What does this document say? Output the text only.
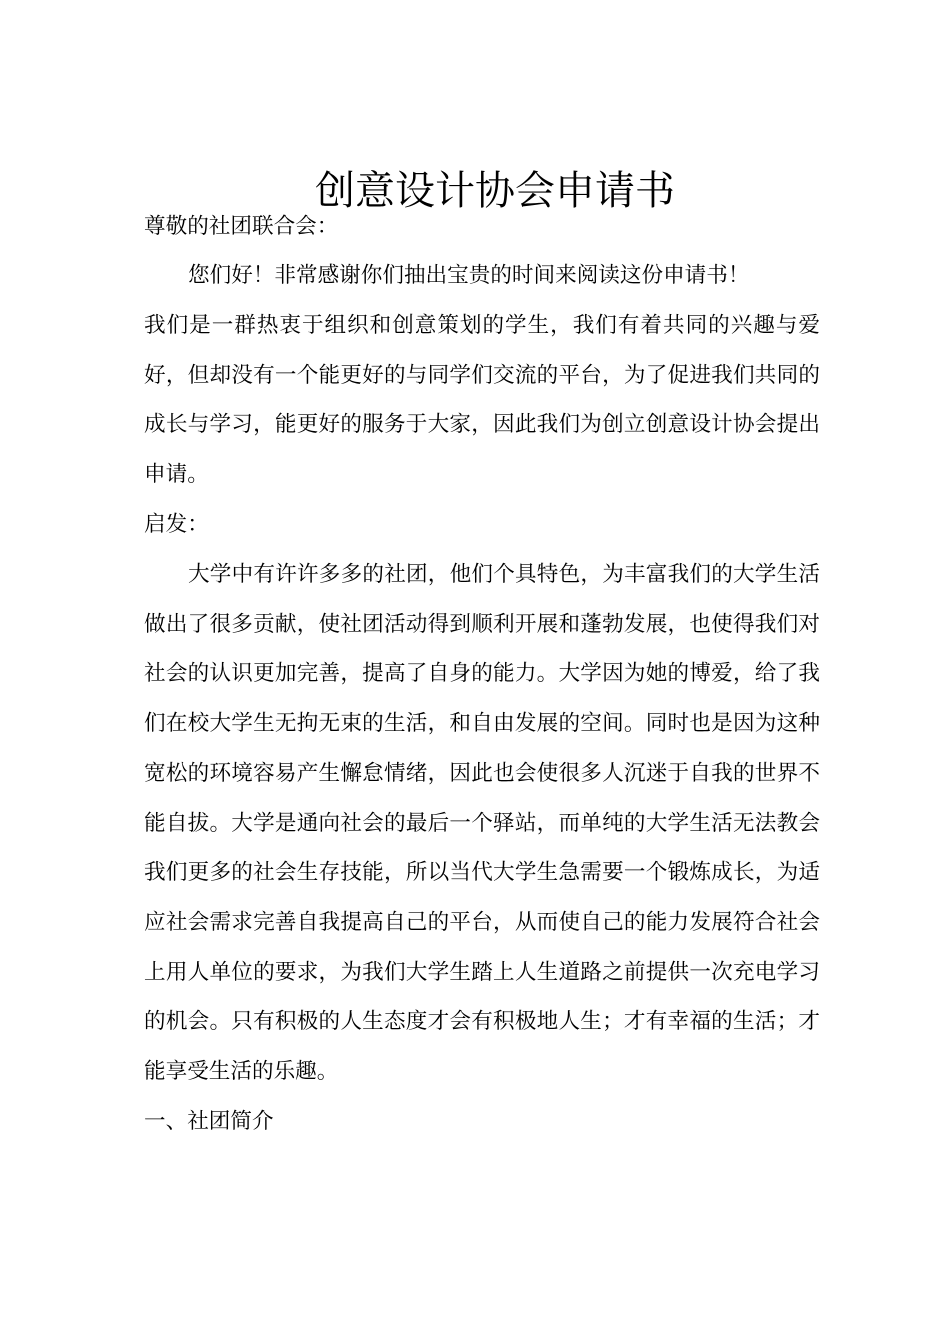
创意设计协会申请书

尊敬的社团联合会：

您们好！非常感谢你们抽出宝贵的时间来阅读这份申请书！

我们是一群热衷于组织和创意策划的学生，我们有着共同的兴趣与爱好，但却没有一个能更好的与同学们交流的平台，为了促进我们共同的成长与学习，能更好的服务于大家，因此我们为创立创意设计协会提出申请。

启发：

大学中有许许多多的社团，他们个具特色，为丰富我们的大学生活做出了很多贡献，使社团活动得到顺利开展和蓬勃发展，也使得我们对社会的认识更加完善，提高了自身的能力。大学因为她的博爱，给了我们在校大学生无拘无束的生活，和自由发展的空间。同时也是因为这种宽松的环境容易产生懈怠情绪，因此也会使很多人沉迷于自我的世界不能自拔。大学是通向社会的最后一个驿站，而单纯的大学生活无法教会我们更多的社会生存技能，所以当代大学生急需要一个锻炼成长，为适应社会需求完善自我提高自己的平台，从而使自己的能力发展符合社会上用人单位的要求，为我们大学生踏上人生道路之前提供一次充电学习的机会。只有积极的人生态度才会有积极地人生；才有幸福的生活；才能享受生活的乐趣。

一、社团简介
